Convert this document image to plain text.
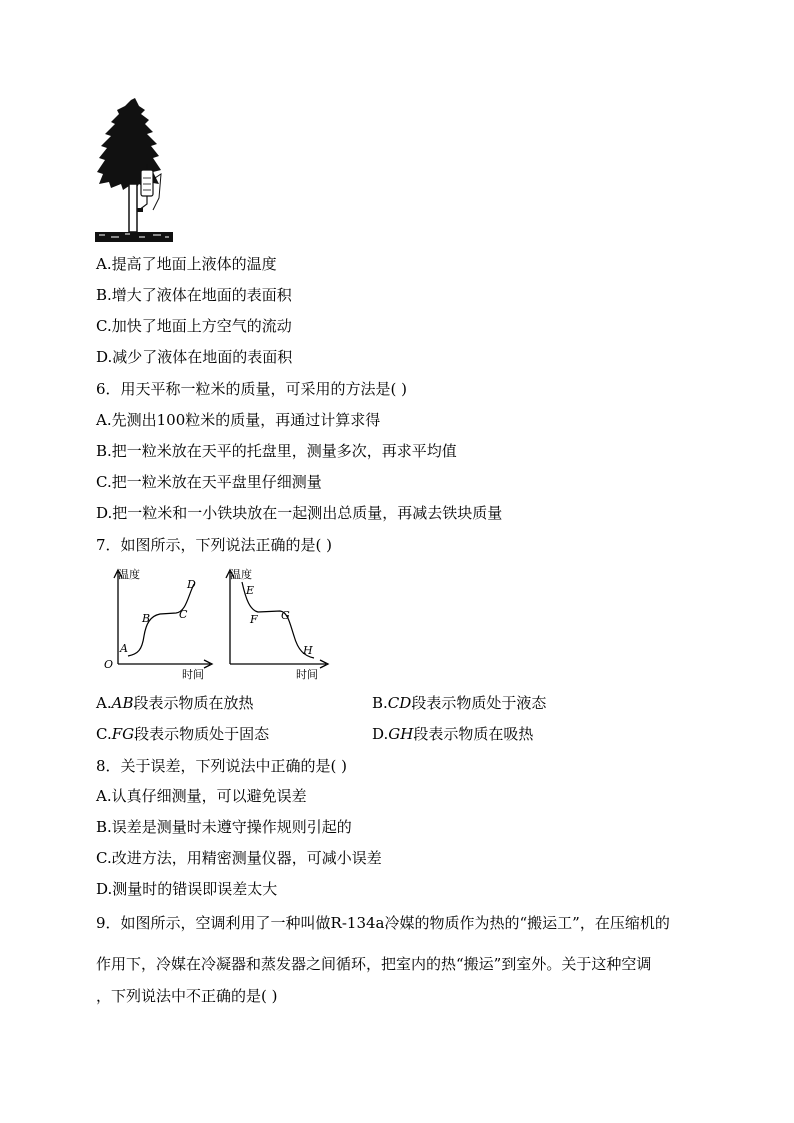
A.提高了地面上液体的温度
B.增大了液体在地面的表面积
C.加快了地面上方空气的流动
D.减少了液体在地面的表面积
6．用天平称一粒米的质量，可采用的方法是( )
A.先测出100粒米的质量，再通过计算求得
B.把一粒米放在天平的托盘里，测量多次，再求平均值
C.把一粒米放在天平盘里仔细测量
D.把一粒米和一小铁块放在一起测出总质量，再减去铁块质量
7．如图所示，下列说法正确的是( )
温度
时间
O
A
B	C
D
温度
时间
E
F G
H
A.AB段表示物质在放热	B.CD段表示物质处于液态
C.FG段表示物质处于固态	D.GH段表示物质在吸热
8．关于误差，下列说法中正确的是( )
A.认真仔细测量，可以避免误差
B.误差是测量时未遵守操作规则引起的
C.改进方法，用精密测量仪器，可减小误差
D.测量时的错误即误差太大
9．如图所示，空调利用了一种叫做R-134a冷媒的物质作为热的“搬运工”，在压缩机的
作用下，冷媒在冷凝器和蒸发器之间循环，把室内的热“搬运”到室外。关于这种空调
，下列说法中不正确的是( )
